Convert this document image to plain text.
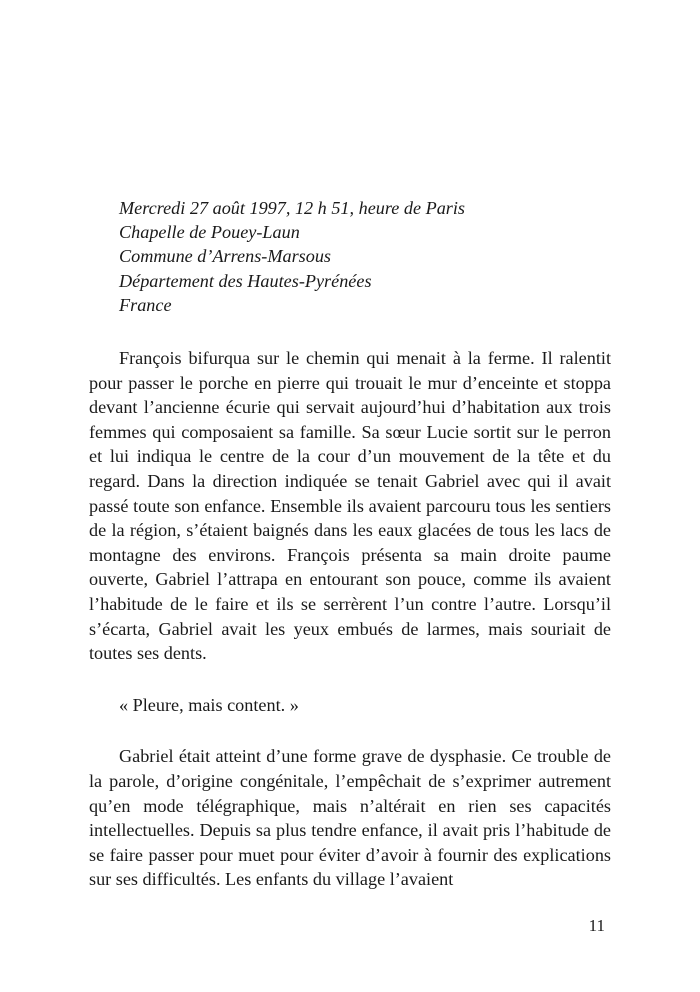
Mercredi 27 août 1997, 12 h 51, heure de Paris
Chapelle de Pouey-Laun
Commune d’Arrens-Marsous
Département des Hautes-Pyrénées
France

François bifurqua sur le chemin qui menait à la ferme. Il ralentit pour passer le porche en pierre qui trouait le mur d’enceinte et stoppa devant l’ancienne écurie qui servait aujourd’hui d’habitation aux trois femmes qui composaient sa famille. Sa sœur Lucie sortit sur le perron et lui indiqua le centre de la cour d’un mouvement de la tête et du regard. Dans la direction indiquée se tenait Gabriel avec qui il avait passé toute son enfance. Ensemble ils avaient parcouru tous les sentiers de la région, s’étaient baignés dans les eaux glacées de tous les lacs de montagne des environs. François présenta sa main droite paume ouverte, Gabriel l’attrapa en entourant son pouce, comme ils avaient l’habitude de le faire et ils se serrèrent l’un contre l’autre. Lorsqu’il s’écarta, Gabriel avait les yeux embués de larmes, mais souriait de toutes ses dents.

« Pleure, mais content. »

Gabriel était atteint d’une forme grave de dysphasie. Ce trouble de la parole, d’origine congénitale, l’empêchait de s’exprimer autrement qu’en mode télégraphique, mais n’altérait en rien ses capacités intellectuelles. Depuis sa plus tendre enfance, il avait pris l’habitude de se faire passer pour muet pour éviter d’avoir à fournir des explications sur ses difficultés. Les enfants du village l’avaient

11
